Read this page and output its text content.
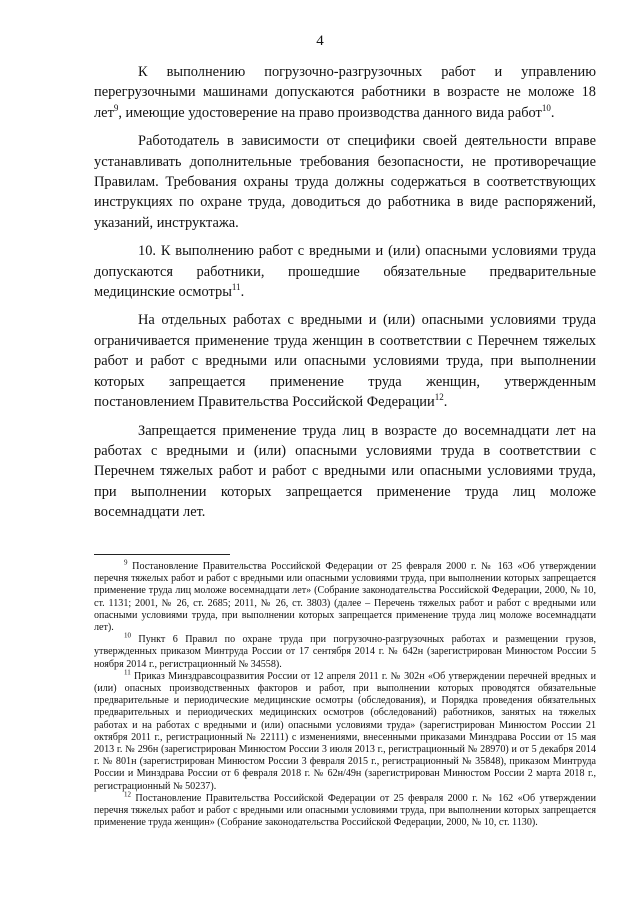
4

К выполнению погрузочно-разгрузочных работ и управлению перегрузочными машинами допускаются работники в возрасте не моложе 18 лет$^9$, имеющие удостоверение на право производства данного вида работ$^{10}$.

Работодатель в зависимости от специфики своей деятельности вправе устанавливать дополнительные требования безопасности, не противоречащие Правилам. Требования охраны труда должны содержаться в соответствующих инструкциях по охране труда, доводиться до работника в виде распоряжений, указаний, инструктажа.

10. К выполнению работ с вредными и (или) опасными условиями труда допускаются работники, прошедшие обязательные предварительные медицинские осмотры$^{11}$.

На отдельных работах с вредными и (или) опасными условиями труда ограничивается применение труда женщин в соответствии с Перечнем тяжелых работ и работ с вредными или опасными условиями труда, при выполнении которых запрещается применение труда женщин, утвержденным постановлением Правительства Российской Федерации$^{12}$.

Запрещается применение труда лиц в возрасте до восемнадцати лет на работах с вредными и (или) опасными условиями труда в соответствии с Перечнем тяжелых работ и работ с вредными или опасными условиями труда, при выполнении которых запрещается применение труда лиц моложе восемнадцати лет.

$^9$ Постановление Правительства Российской Федерации от 25 февраля 2000 г. № 163 «Об утверждении перечня тяжелых работ и работ с вредными или опасными условиями труда, при выполнении которых запрещается применение труда лиц моложе восемнадцати лет» (Собрание законодательства Российской Федерации, 2000, № 10, ст. 1131; 2001, № 26, ст. 2685; 2011, № 26, ст. 3803) (далее – Перечень тяжелых работ и работ с вредными или опасными условиями труда, при выполнении которых запрещается применение труда лиц моложе восемнадцати лет).

$^{10}$ Пункт 6 Правил по охране труда при погрузочно-разгрузочных работах и размещении грузов, утвержденных приказом Минтруда России от 17 сентября 2014 г. № 642н (зарегистрирован Минюстом России 5 ноября 2014 г., регистрационный № 34558).

$^{11}$ Приказ Минздравсоцразвития России от 12 апреля 2011 г. № 302н «Об утверждении перечней вредных и (или) опасных производственных факторов и работ, при выполнении которых проводятся обязательные предварительные и периодические медицинские осмотры (обследования), и Порядка проведения обязательных предварительных и периодических медицинских осмотров (обследований) работников, занятых на тяжелых работах и на работах с вредными и (или) опасными условиями труда» (зарегистрирован Минюстом России 21 октября 2011 г., регистрационный № 22111) с изменениями, внесенными приказами Минздрава России от 15 мая 2013 г. № 296н (зарегистрирован Минюстом России 3 июля 2013 г., регистрационный № 28970) и от 5 декабря 2014 г. № 801н (зарегистрирован Минюстом России 3 февраля 2015 г., регистрационный № 35848), приказом Минтруда России и Минздрава России от 6 февраля 2018 г. № 62н/49н (зарегистрирован Минюстом России 2 марта 2018 г., регистрационный № 50237).

$^{12}$ Постановление Правительства Российской Федерации от 25 февраля 2000 г. № 162 «Об утверждении перечня тяжелых работ и работ с вредными или опасными условиями труда, при выполнении которых запрещается применение труда женщин» (Собрание законодательства Российской Федерации, 2000, № 10, ст. 1130).
